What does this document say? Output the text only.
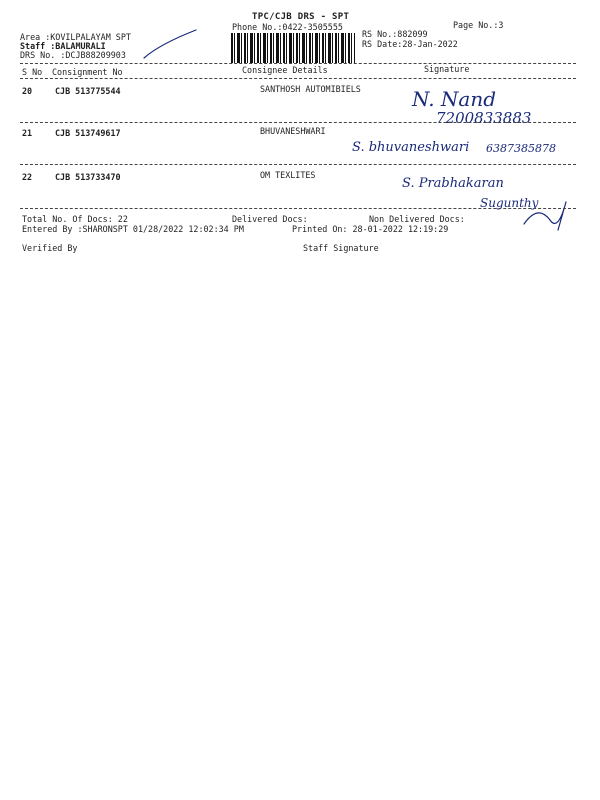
TPC/CJB DRS - SPT
Phone No.:0422-3505555	Page No.:3
Area :KOVILPALAYAM SPT
Staff :BALAMURALI
DRS No. :DCJB88209903
RS No.:882099
RS Date:28-Jan-2022
S No Consignment No	Consignee Details	Signature
20	CJB 513775544	SANTHOSH AUTOMIBIELS	N. Nand
7200833883
21	CJB 513749617	BHUVANESHWARI
S. bhuvaneshwari 6387385878
22	CJB 513733470	OM TEXLITES
S. Prabhakaran
Sugunthy
Total No. Of Docs: 22	Delivered Docs:	Non Delivered Docs:
Entered By :SHARONSPT 01/28/2022 12:02:34 PM	Printed On: 28-01-2022 12:19:29
Verified By	Staff Signature
